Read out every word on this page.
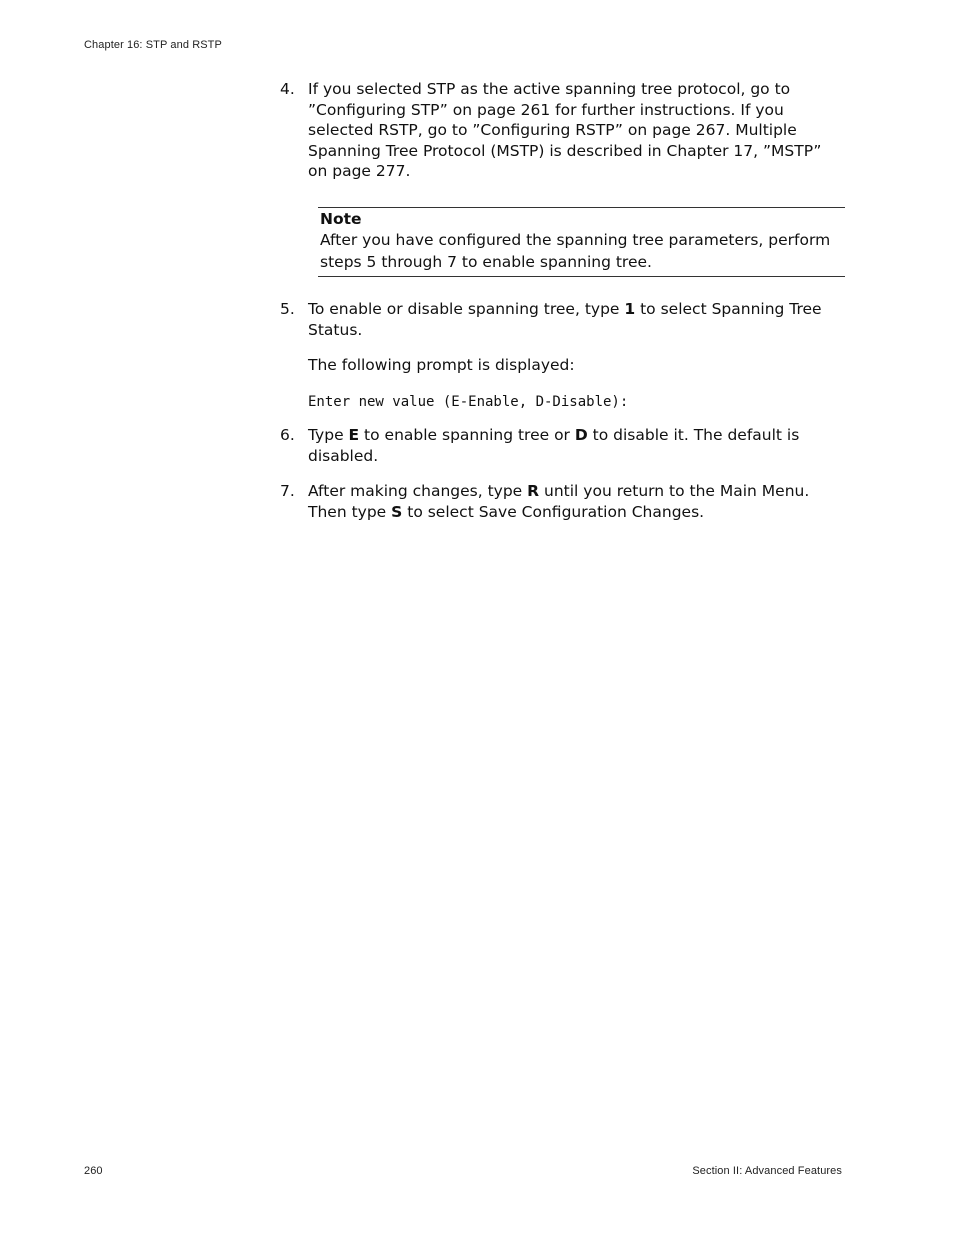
Chapter 16: STP and RSTP
4. If you selected STP as the active spanning tree protocol, go to ”Configuring STP” on page 261 for further instructions. If you selected RSTP, go to ”Configuring RSTP” on page 267. Multiple Spanning Tree Protocol (MSTP) is described in Chapter 17, ”MSTP” on page 277.

Note

After you have configured the spanning tree parameters, perform steps 5 through 7 to enable spanning tree.

5. To enable or disable spanning tree, type 1 to select Spanning Tree Status.

The following prompt is displayed:

Enter new value (E-Enable, D-Disable):

6. Type E to enable spanning tree or D to disable it. The default is disabled.

7. After making changes, type R until you return to the Main Menu. Then type S to select Save Configuration Changes.

260	Section II: Advanced Features
